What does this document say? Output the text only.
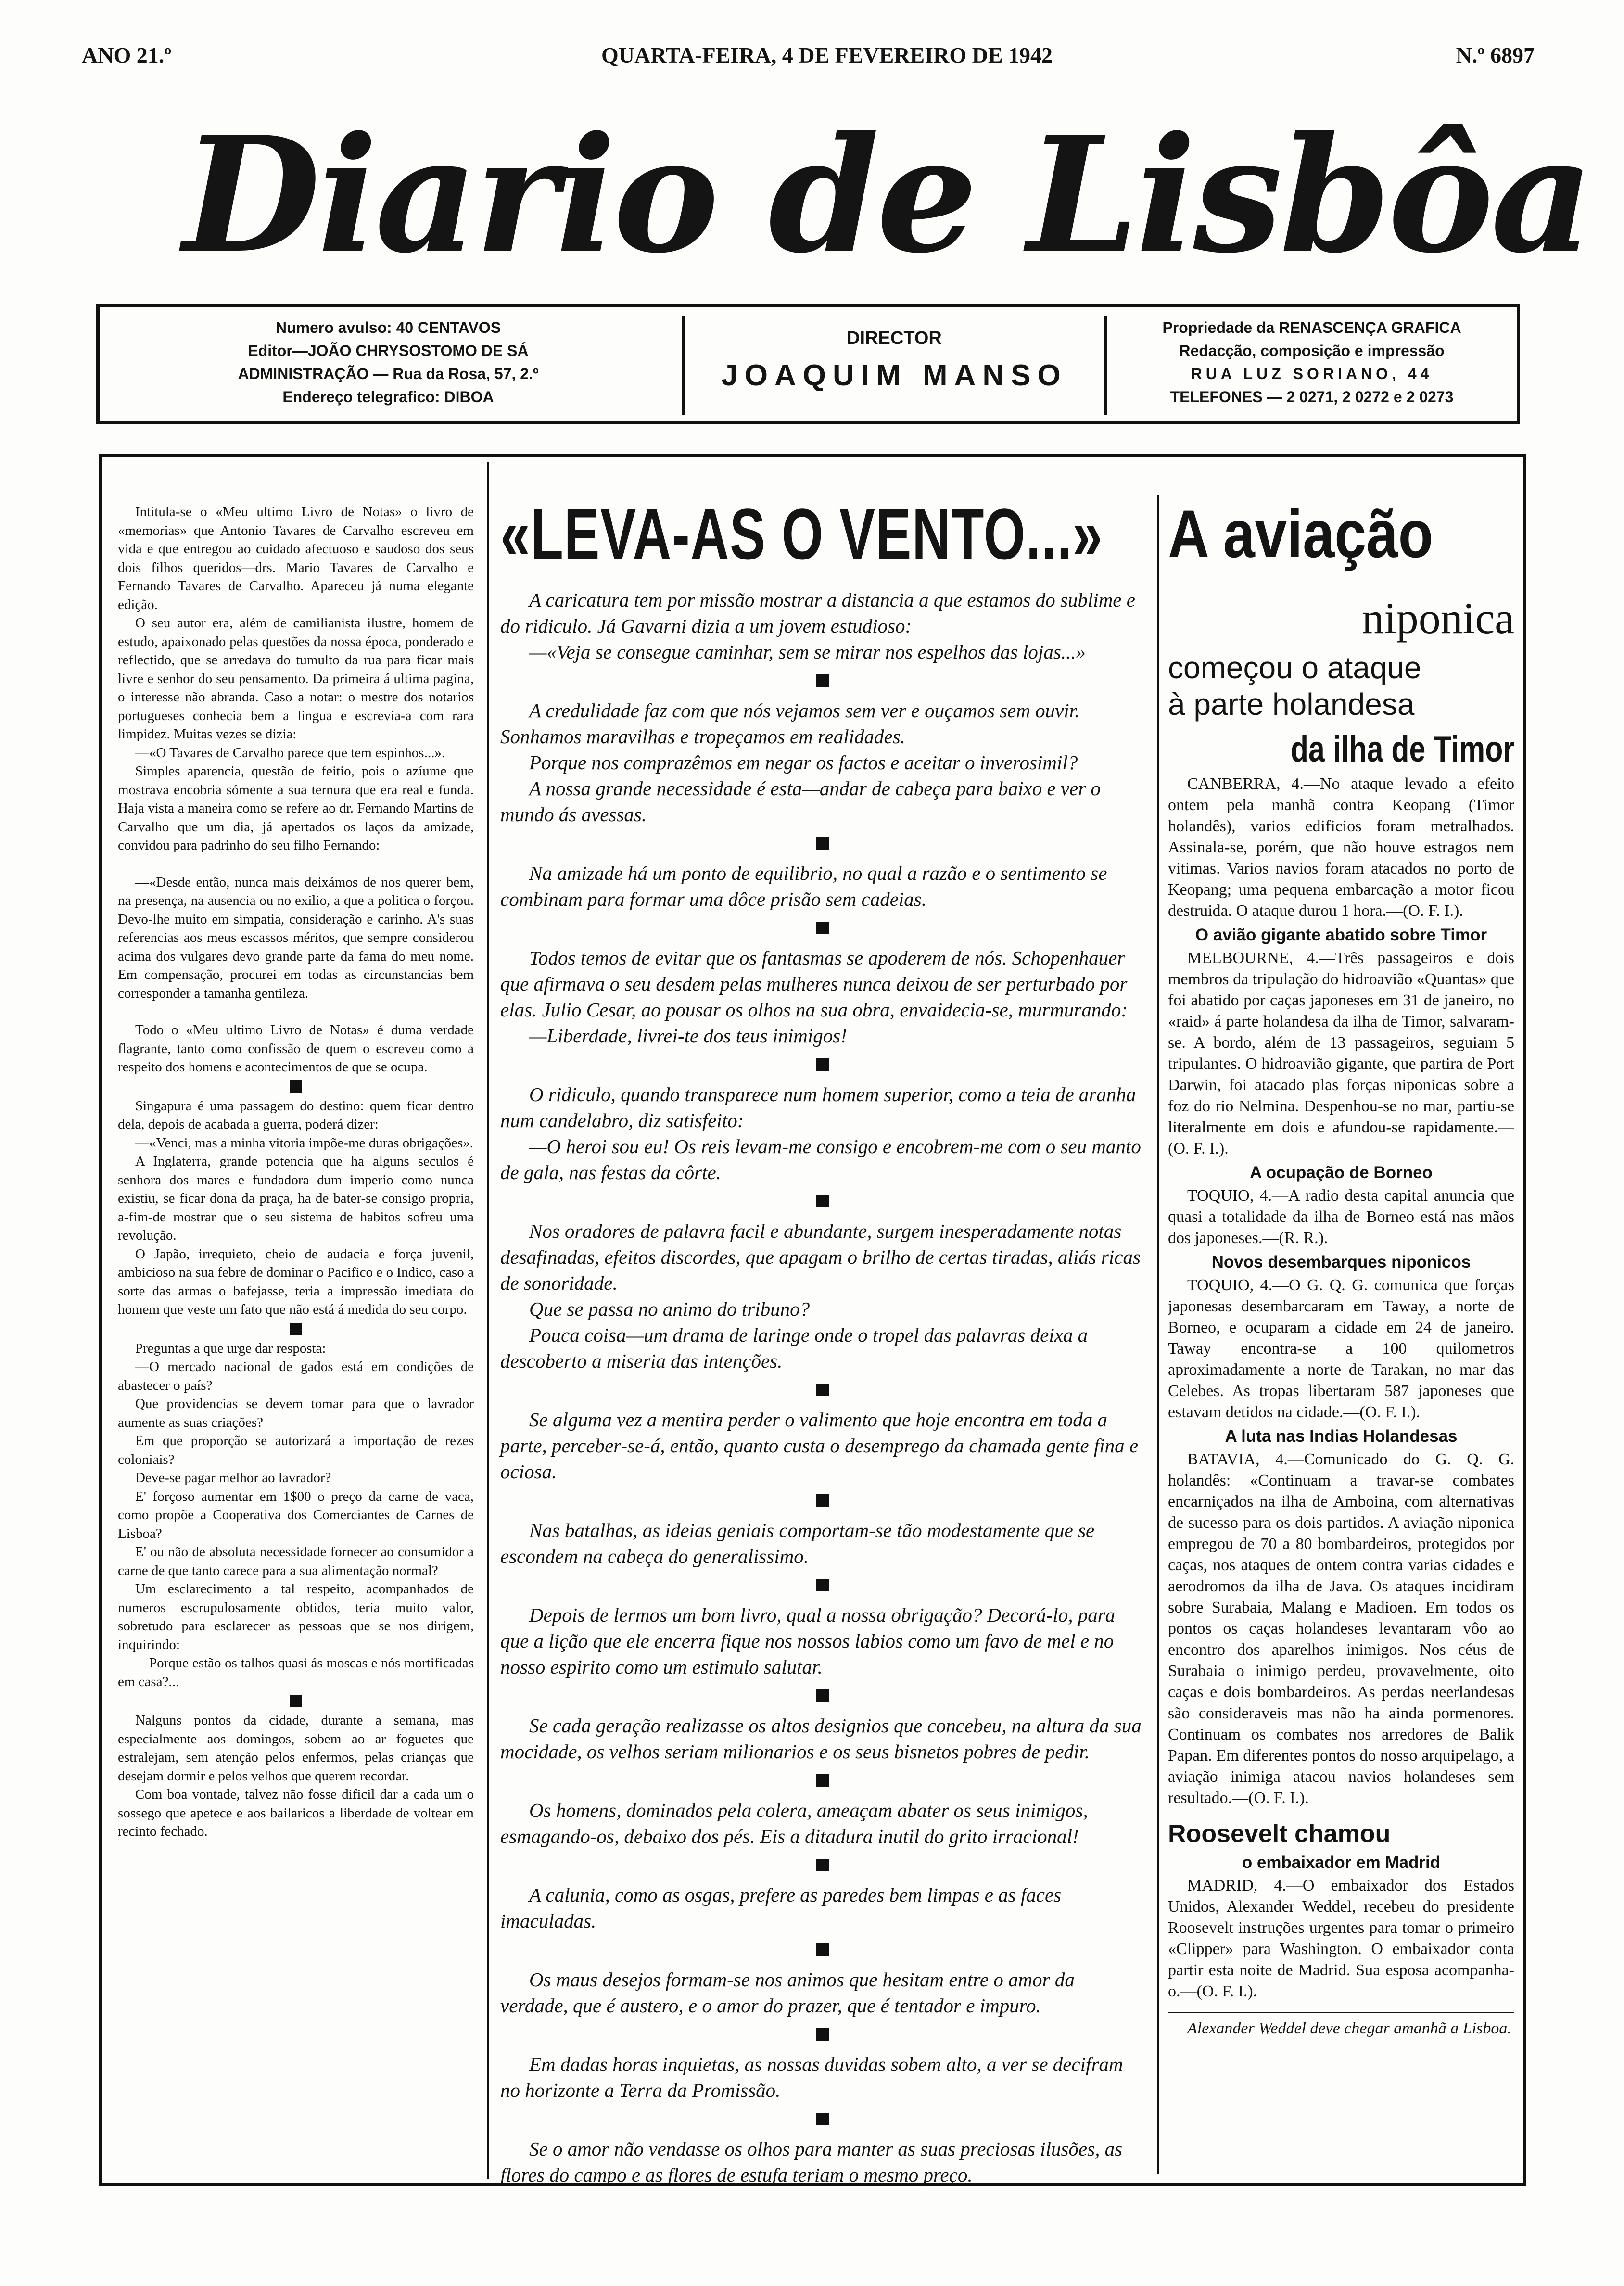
ANO 21.º	QUARTA-FEIRA, 4 DE FEVEREIRO DE 1942	N.º 6897
Diario de Lisbôa
Numero avulso: 40 CENTAVOS
Editor—JOÃO CHRYSOSTOMO DE SÁ
ADMINISTRAÇÃO — Rua da Rosa, 57, 2.º
Endereço telegrafico: DIBOA
DIRECTOR
JOAQUIM MANSO
Propriedade da RENASCENÇA GRAFICA
Redacção, composição e impressão
RUA LUZ SORIANO, 44
TELEFONES — 2 0271, 2 0272 e 2 0273

Intitula-se o «Meu ultimo Livro de Notas» o livro de «memorias» que Antonio Tavares de Carvalho escreveu em vida e que entregou ao cuidado afectuoso e saudoso dos seus dois filhos queridos—drs. Mario Tavares de Carvalho e Fernando Tavares de Carvalho. Apareceu já numa elegante edição.

O seu autor era, além de camilianista ilustre, homem de estudo, apaixonado pelas questões da nossa época, ponderado e reflectido, que se arredava do tumulto da rua para ficar mais livre e senhor do seu pensamento. Da primeira á ultima pagina, o interesse não abranda. Caso a notar: o mestre dos notarios portugueses conhecia bem a lingua e escrevia-a com rara limpidez. Muitas vezes se dizia:

—«O Tavares de Carvalho parece que tem espinhos...».

Simples aparencia, questão de feitio, pois o azíume que mostrava encobria sómente a sua ternura que era real e funda. Haja vista a maneira como se refere ao dr. Fernando Martins de Carvalho que um dia, já apertados os laços da amizade, convidou para padrinho do seu filho Fernando:

—«Desde então, nunca mais deixámos de nos querer bem, na presença, na ausencia ou no exilio, a que a politica o forçou. Devo-lhe muito em simpatia, consideração e carinho. A's suas referencias aos meus escassos méritos, que sempre considerou acima dos vulgares devo grande parte da fama do meu nome. Em compensação, procurei em todas as circunstancias bem corresponder a tamanha gentileza.

Todo o «Meu ultimo Livro de Notas» é duma verdade flagrante, tanto como confissão de quem o escreveu como a respeito dos homens e acontecimentos de que se ocupa.

Singapura é uma passagem do destino: quem ficar dentro dela, depois de acabada a guerra, poderá dizer:

—«Venci, mas a minha vitoria impõe-me duras obrigações».

A Inglaterra, grande potencia que ha alguns seculos é senhora dos mares e fundadora dum imperio como nunca existiu, se ficar dona da praça, ha de bater-se consigo propria, a-fim-de mostrar que o seu sistema de habitos sofreu uma revolução.

O Japão, irrequieto, cheio de audacia e força juvenil, ambicioso na sua febre de dominar o Pacifico e o Indico, caso a sorte das armas o bafejasse, teria a impressão imediata do homem que veste um fato que não está á medida do seu corpo.

Preguntas a que urge dar resposta:

—O mercado nacional de gados está em condições de abastecer o país?

Que providencias se devem tomar para que o lavrador aumente as suas criações?

Em que proporção se autorizará a importação de rezes coloniais?

Deve-se pagar melhor ao lavrador?

E' forçoso aumentar em 1$00 o preço da carne de vaca, como propõe a Cooperativa dos Comerciantes de Carnes de Lisboa?

E' ou não de absoluta necessidade fornecer ao consumidor a carne de que tanto carece para a sua alimentação normal?

Um esclarecimento a tal respeito, acompanhados de numeros escrupulosamente obtidos, teria muito valor, sobretudo para esclarecer as pessoas que se nos dirigem, inquirindo:

—Porque estão os talhos quasi ás moscas e nós mortificadas em casa?...

Nalguns pontos da cidade, durante a semana, mas especialmente aos domingos, sobem ao ar foguetes que estralejam, sem atenção pelos enfermos, pelas crianças que desejam dormir e pelos velhos que querem recordar.

Com boa vontade, talvez não fosse dificil dar a cada um o sossego que apetece e aos bailaricos a liberdade de voltear em recinto fechado.

«LEVA-AS O VENTO...»

A caricatura tem por missão mostrar a distancia a que estamos do sublime e do ridiculo. Já Gavarni dizia a um jovem estudioso:

—«Veja se consegue caminhar, sem se mirar nos espelhos das lojas...»

A credulidade faz com que nós vejamos sem ver e ouçamos sem ouvir. Sonhamos maravilhas e tropeçamos em realidades.

Porque nos comprazêmos em negar os factos e aceitar o inverosimil?

A nossa grande necessidade é esta—andar de cabeça para baixo e ver o mundo ás avessas.

Na amizade há um ponto de equilibrio, no qual a razão e o sentimento se combinam para formar uma dôce prisão sem cadeias.

Todos temos de evitar que os fantasmas se apoderem de nós. Schopenhauer que afirmava o seu desdem pelas mulheres nunca deixou de ser perturbado por elas. Julio Cesar, ao pousar os olhos na sua obra, envaidecia-se, murmurando:

—Liberdade, livrei-te dos teus inimigos!

O ridiculo, quando transparece num homem superior, como a teia de aranha num candelabro, diz satisfeito:

—O heroi sou eu! Os reis levam-me consigo e encobrem-me com o seu manto de gala, nas festas da côrte.

Nos oradores de palavra facil e abundante, surgem inesperadamente notas desafinadas, efeitos discordes, que apagam o brilho de certas tiradas, aliás ricas de sonoridade.

Que se passa no animo do tribuno?

Pouca coisa—um drama de laringe onde o tropel das palavras deixa a descoberto a miseria das intenções.

Se alguma vez a mentira perder o valimento que hoje encontra em toda a parte, perceber-se-á, então, quanto custa o desemprego da chamada gente fina e ociosa.

Nas batalhas, as ideias geniais comportam-se tão modestamente que se escondem na cabeça do generalissimo.

Depois de lermos um bom livro, qual a nossa obrigação? Decorá-lo, para que a lição que ele encerra fique nos nossos labios como um favo de mel e no nosso espirito como um estimulo salutar.

Se cada geração realizasse os altos designios que concebeu, na altura da sua mocidade, os velhos seriam milionarios e os seus bisnetos pobres de pedir.

Os homens, dominados pela colera, ameaçam abater os seus inimigos, esmagando-os, debaixo dos pés. Eis a ditadura inutil do grito irracional!

A calunia, como as osgas, prefere as paredes bem limpas e as faces imaculadas.

Os maus desejos formam-se nos animos que hesitam entre o amor da verdade, que é austero, e o amor do prazer, que é tentador e impuro.

Em dadas horas inquietas, as nossas duvidas sobem alto, a ver se decifram no horizonte a Terra da Promissão.

Se o amor não vendasse os olhos para manter as suas preciosas ilusões, as flores do campo e as flores de estufa teriam o mesmo preço.

A aviação
niponica
começou o ataque
à parte holandesa
da ilha de Timor

CANBERRA, 4.—No ataque levado a efeito ontem pela manhã contra Keopang (Timor holandês), varios edificios foram metralhados. Assinala-se, porém, que não houve estragos nem vitimas. Varios navios foram atacados no porto de Keopang; uma pequena embarcação a motor ficou destruida. O ataque durou 1 hora.—(O. F. I.).

O avião gigante abatido sobre Timor

MELBOURNE, 4.—Três passageiros e dois membros da tripulação do hidroavião «Quantas» que foi abatido por caças japoneses em 31 de janeiro, no «raid» á parte holandesa da ilha de Timor, salvaram-se. A bordo, além de 13 passageiros, seguiam 5 tripulantes. O hidroavião gigante, que partira de Port Darwin, foi atacado plas forças niponicas sobre a foz do rio Nelmina. Despenhou-se no mar, partiu-se literalmente em dois e afundou-se rapidamente.—(O. F. I.).

A ocupação de Borneo

TOQUIO, 4.—A radio desta capital anuncia que quasi a totalidade da ilha de Borneo está nas mãos dos japoneses.—(R. R.).

Novos desembarques niponicos

TOQUIO, 4.—O G. Q. G. comunica que forças japonesas desembarcaram em Taway, a norte de Borneo, e ocuparam a cidade em 24 de janeiro. Taway encontra-se a 100 quilometros aproximadamente a norte de Tarakan, no mar das Celebes. As tropas libertaram 587 japoneses que estavam detidos na cidade.—(O. F. I.).

A luta nas Indias Holandesas

BATAVIA, 4.—Comunicado do G. Q. G. holandês: «Continuam a travar-se combates encarniçados na ilha de Amboina, com alternativas de sucesso para os dois partidos. A aviação niponica empregou de 70 a 80 bombardeiros, protegidos por caças, nos ataques de ontem contra varias cidades e aerodromos da ilha de Java. Os ataques incidiram sobre Surabaia, Malang e Madioen. Em todos os pontos os caças holandeses levantaram vôo ao encontro dos aparelhos inimigos. Nos céus de Surabaia o inimigo perdeu, provavelmente, oito caças e dois bombardeiros. As perdas neerlandesas são consideraveis mas não ha ainda pormenores. Continuam os combates nos arredores de Balik Papan. Em diferentes pontos do nosso arquipelago, a aviação inimiga atacou navios holandeses sem resultado.—(O. F. I.).

Roosevelt chamou
o embaixador em Madrid

MADRID, 4.—O embaixador dos Estados Unidos, Alexander Weddel, recebeu do presidente Roosevelt instruções urgentes para tomar o primeiro «Clipper» para Washington. O embaixador conta partir esta noite de Madrid. Sua esposa acompanha-o.—(O. F. I.).

Alexander Weddel deve chegar amanhã a Lisboa.
